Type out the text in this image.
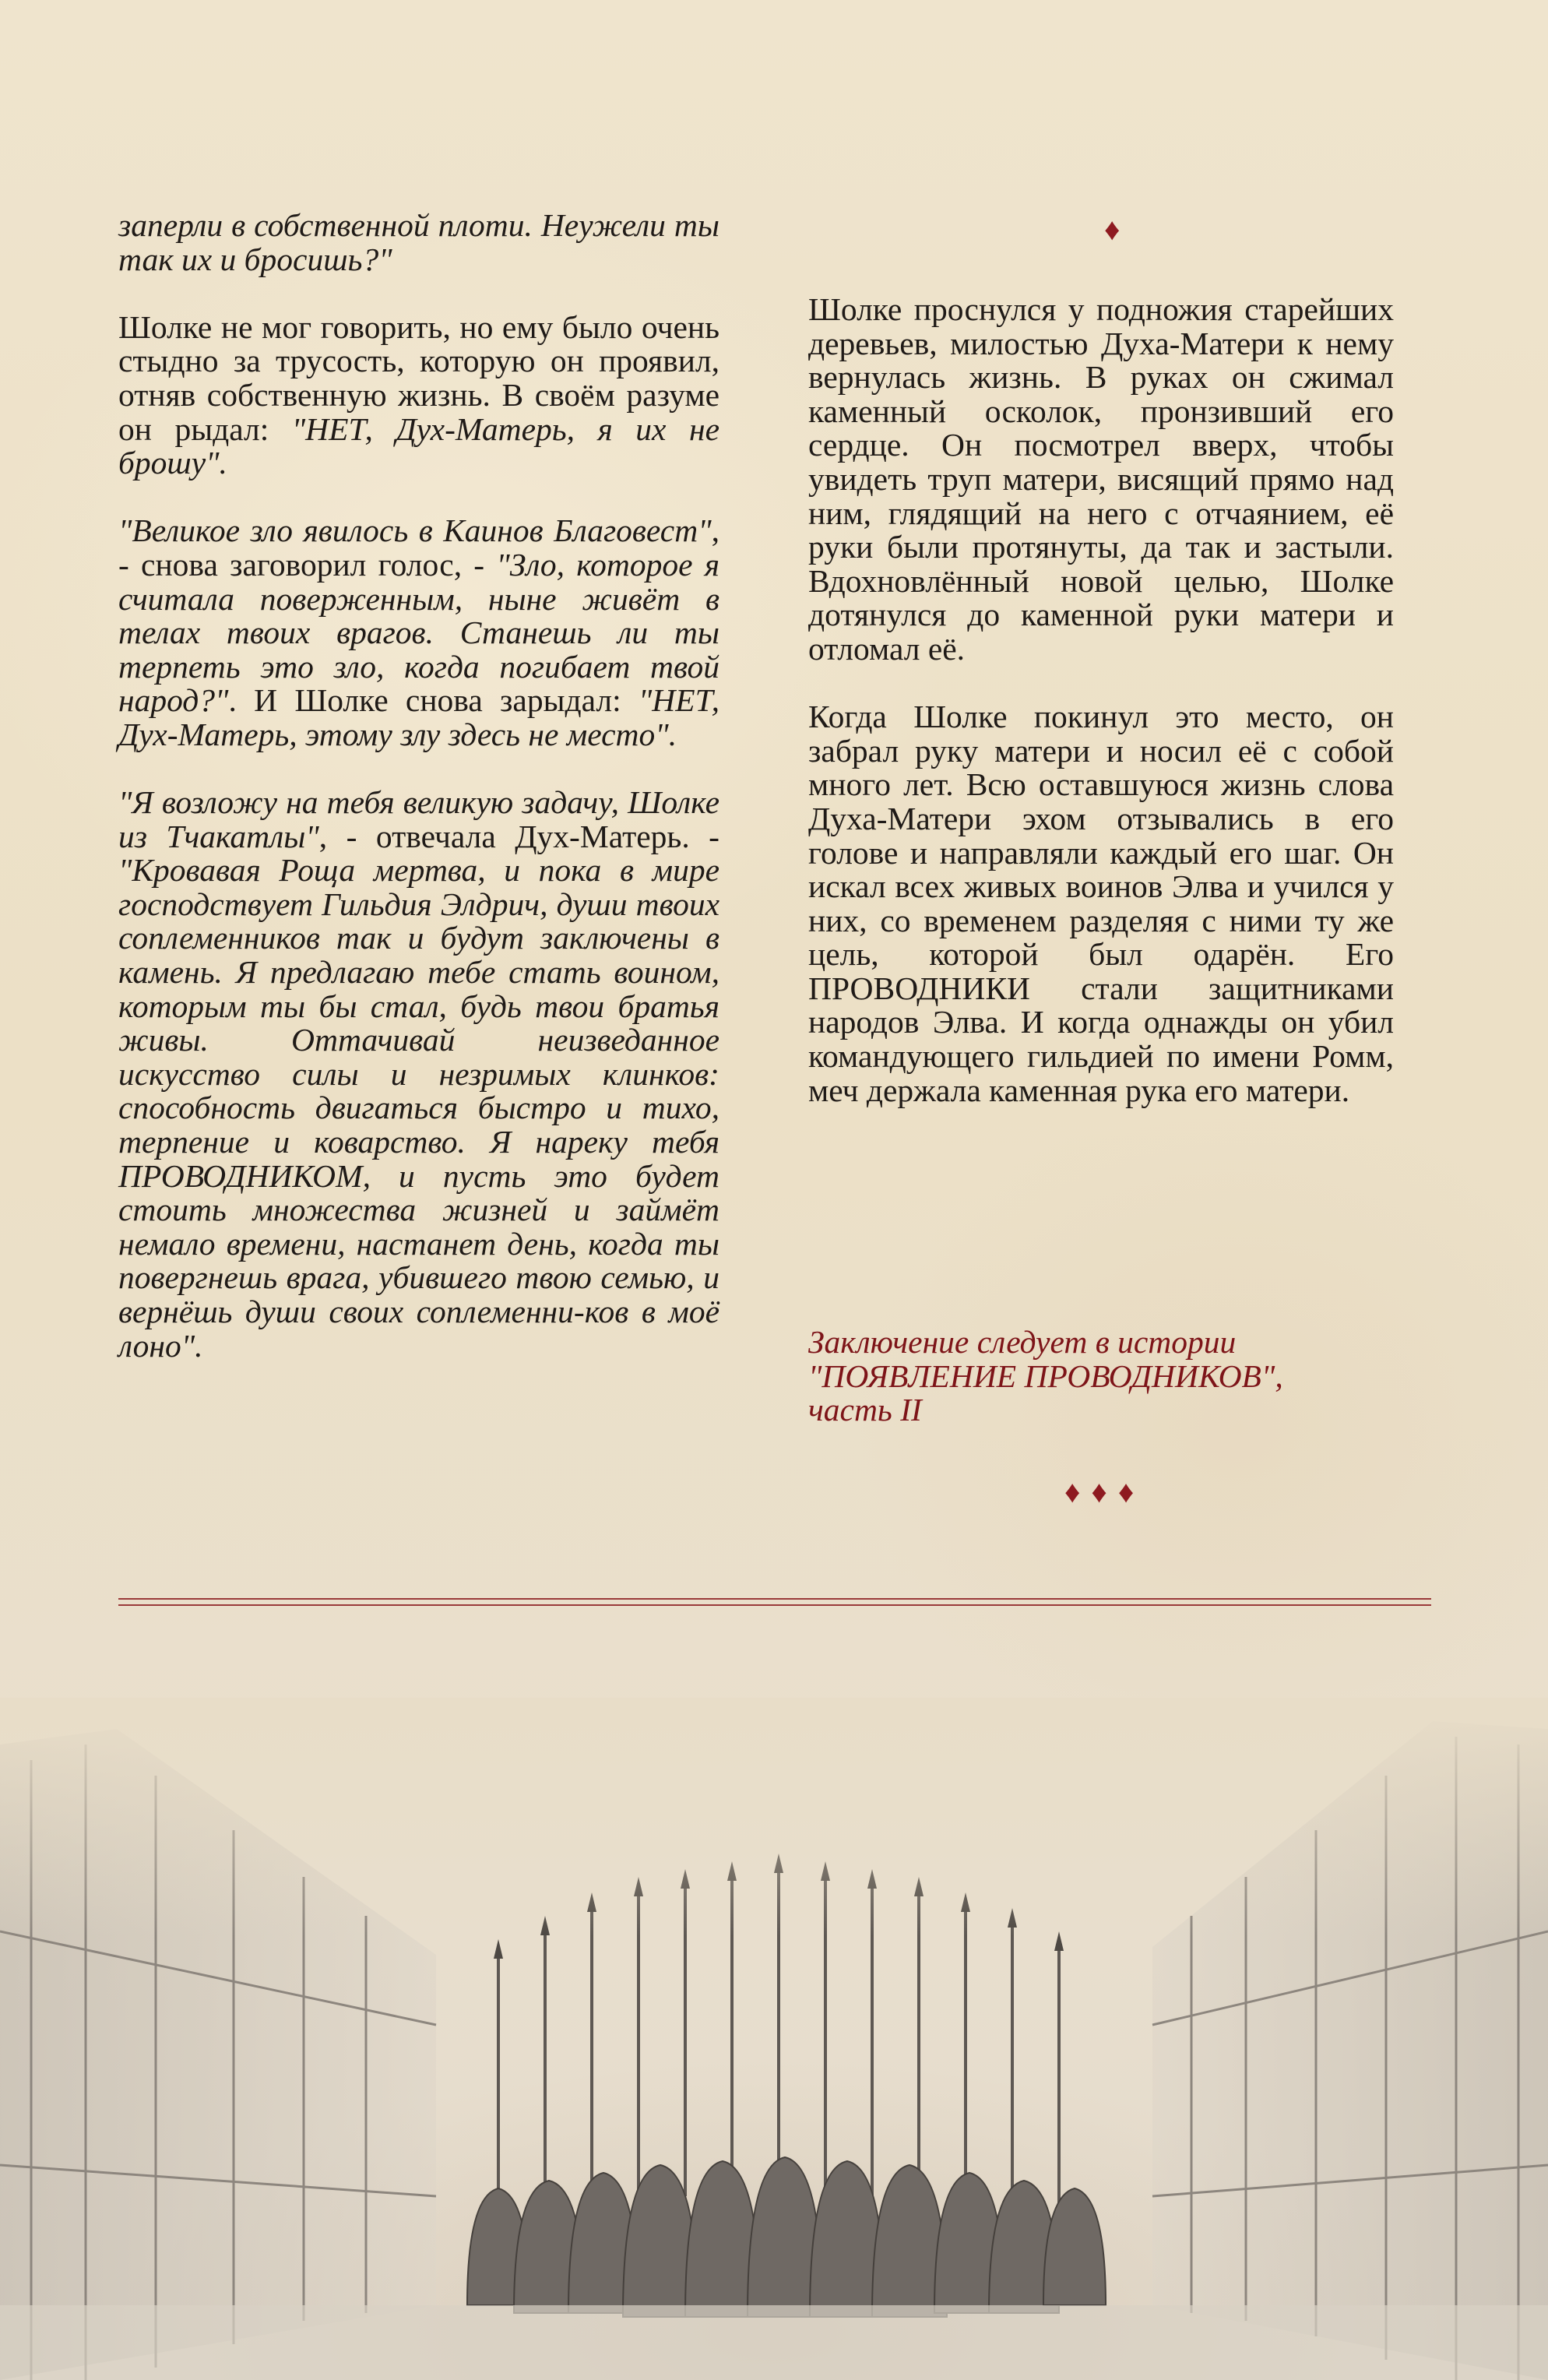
заперли в собственной плоти. Неужели ты так их и бросишь?"

Шолке не мог говорить, но ему было очень стыдно за трусость, которую он проявил, отняв собственную жизнь. В своём разуме он рыдал: "НЕТ, Дух-Матерь, я их не брошу".

"Великое зло явилось в Каинов Благовест", - снова заговорил голос, - "Зло, которое я считала поверженным, ныне живёт в телах твоих врагов. Станешь ли ты терпеть это зло, когда погибает твой народ?". И Шолке снова зарыдал: "НЕТ, Дух-Матерь, этому злу здесь не место".

"Я возложу на тебя великую задачу, Шолке из Тчакатлы", - отвечала Дух-Матерь. - "Кровавая Роща мертва, и пока в мире господствует Гильдия Элдрич, души твоих соплеменников так и будут заключены в камень. Я предлагаю тебе стать воином, которым ты бы стал, будь твои братья живы. Оттачивай неизведанное искусство силы и незримых клинков: способность двигаться быстро и тихо, терпение и коварство. Я нареку тебя ПРОВОДНИКОМ, и пусть это будет стоить множества жизней и займёт немало времени, настанет день, когда ты повергнешь врага, убившего твою семью, и вернёшь души своих соплеменни-ков в моё лоно".

♦

Шолке проснулся у подножия старейших деревьев, милостью Духа-Матери к нему вернулась жизнь. В руках он сжимал каменный осколок, пронзивший его сердце. Он посмотрел вверх, чтобы увидеть труп матери, висящий прямо над ним, глядящий на него с отчаянием, её руки были протянуты, да так и застыли. Вдохновлённый новой целью, Шолке дотянулся до каменной руки матери и отломал её.

Когда Шолке покинул это место, он забрал руку матери и носил её с собой много лет. Всю оставшуюся жизнь слова Духа-Матери эхом отзывались в его голове и направляли каждый его шаг. Он искал всех живых воинов Элва и учился у них, со временем разделяя с ними ту же цель, которой был одарён. Его ПРОВОДНИКИ стали защитниками народов Элва. И когда однажды он убил командующего гильдией по имени Ромм, меч держала каменная рука его матери.

Заключение следует в истории
"ПОЯВЛЕНИЕ ПРОВОДНИКОВ",
часть II
♦♦♦
